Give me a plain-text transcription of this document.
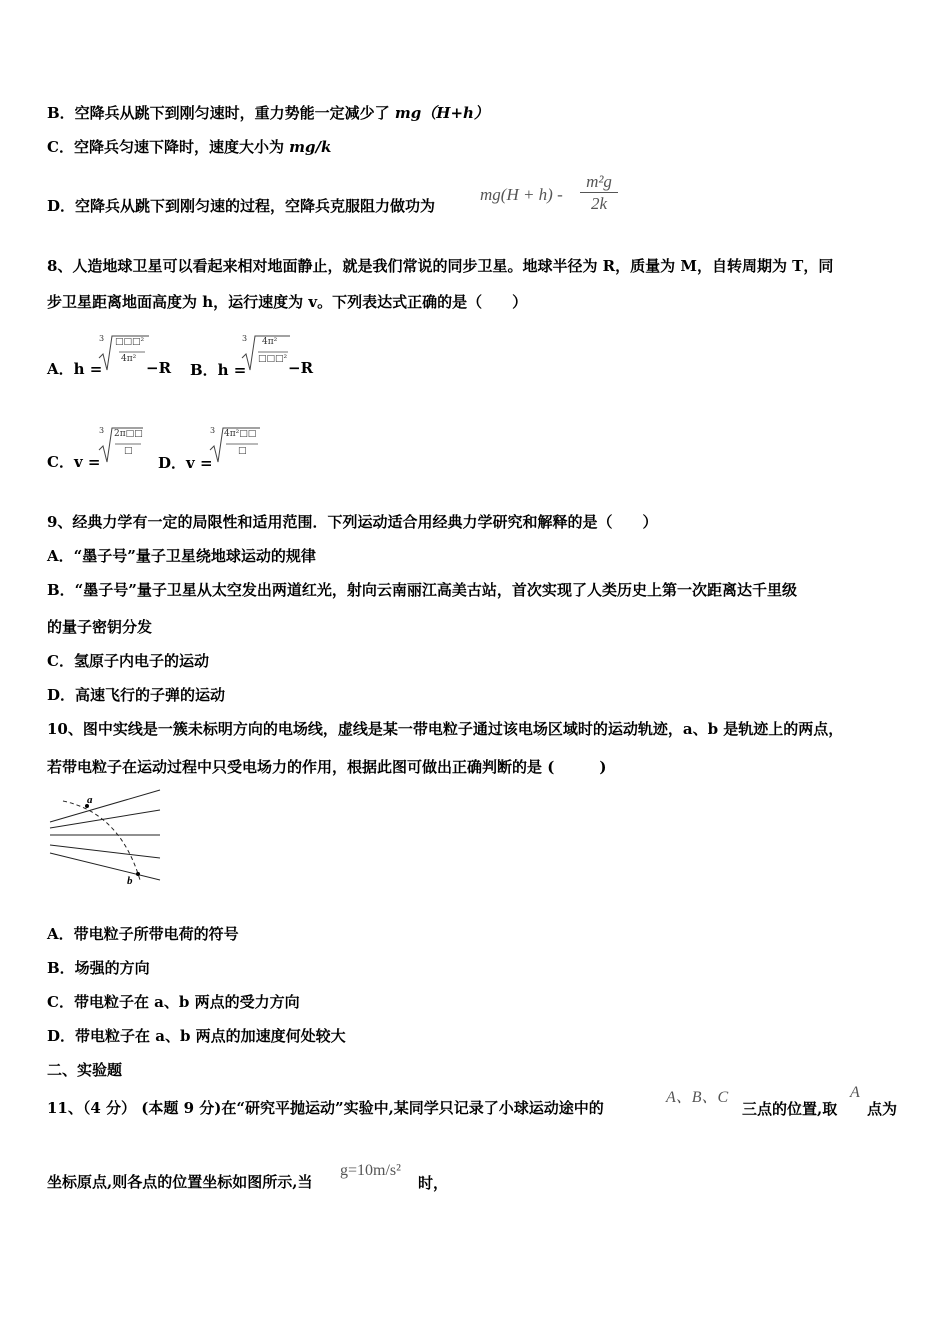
B．空降兵从跳下到刚匀速时，重力势能一定减少了 mg（H+h）
C．空降兵匀速下降时，速度大小为 mg/k
D．空降兵从跳下到刚匀速的过程，空降兵克服阻力做功为
$mg(H + h) - \frac{\text{m²g}}{2k}$
8、人造地球卫星可以看起来相对地面静止，就是我们常说的同步卫星。地球半径为 R，质量为 M，自转周期为 T，同
步卫星距离地面高度为 h，运行速度为 v。下列表达式正确的是（　　）
A．h =
3 □□□²
4π² −R B．h =
3 4π²
□□□² −R
C．v =
3 2π□□
□
D．v =
3 4π²□□
□
9、经典力学有一定的局限性和适用范围．下列运动适合用经典力学研究和解释的是（　　）
A．“墨子号”量子卫星绕地球运动的规律
B．“墨子号”量子卫星从太空发出两道红光，射向云南丽江高美古站，首次实现了人类历史上第一次距离达千里级
的量子密钥分发
C．氢原子内电子的运动
D．高速飞行的子弹的运动
10、图中实线是一簇未标明方向的电场线，虚线是某一带电粒子通过该电场区域时的运动轨迹，a、b 是轨迹上的两点，
若带电粒子在运动过程中只受电场力的作用，根据此图可做出正确判断的是 (　　　)
a
b
A．带电粒子所带电荷的符号
B．场强的方向
C．带电粒子在 a、b 两点的受力方向
D．带电粒子在 a、b 两点的加速度何处较大
二、实验题
11、（4 分） (本题 9 分)在“研究平抛运动”实验中,某同学只记录了小球运动途中的
A、B、C
三点的位置,取
A
点为
坐标原点,则各点的位置坐标如图所示,当
g=10m/s²
时，
